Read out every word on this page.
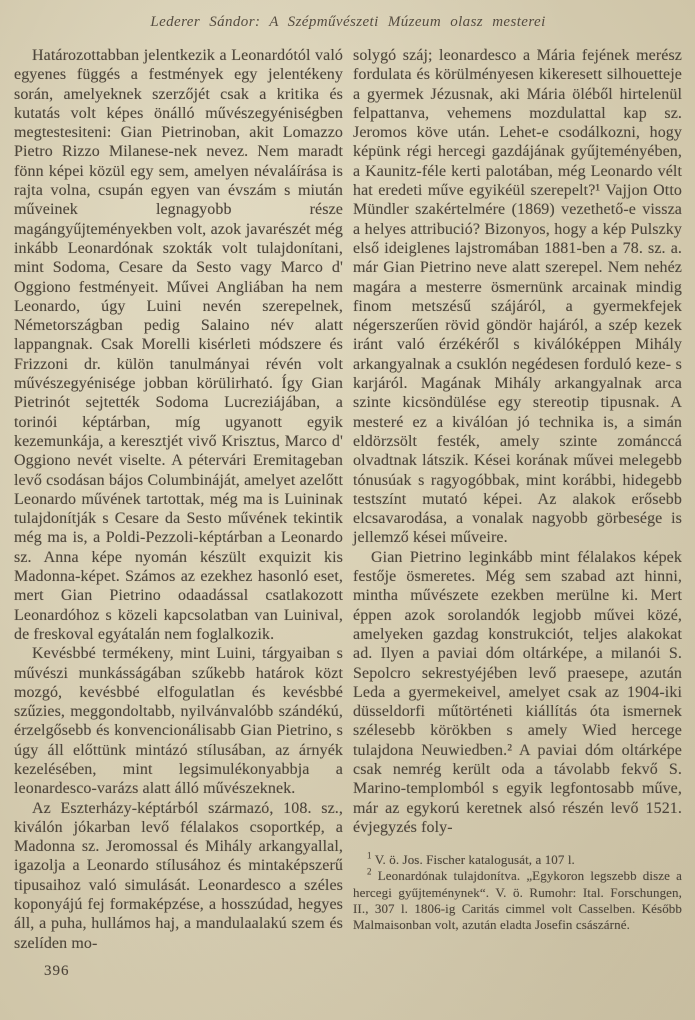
Lederer Sándor: A Szépművészeti Múzeum olasz mesterei

Határozottabban jelentkezik a Leonardótól való egyenes függés a festmények egy jelentékeny során, amelyeknek szerzőjét csak a kritika és kutatás volt képes önálló művészegyéniségben megtestesiteni: Gian Pietrinoban, akit Lomazzo Pietro Rizzo Milanese-nek nevez. Nem maradt fönn képei közül egy sem, amelyen névaláírása is rajta volna, csupán egyen van évszám s miután műveinek legnagyobb része magángyűjteményekben volt, azok javarészét még inkább Leonardónak szokták volt tulajdonítani, mint Sodoma, Cesare da Sesto vagy Marco d' Oggiono festményeit. Művei Angliában ha nem Leonardo, úgy Luini nevén szerepelnek, Németországban pedig Salaino név alatt lappangnak. Csak Morelli kisérleti módszere és Frizzoni dr. külön tanulmányai révén volt művészegyénisége jobban körülirható. Így Gian Pietrinót sejtették Sodoma Lucreziájában, a torinói képtárban, míg ugyanott egyik kezemunkája, a keresztjét vivő Krisztus, Marco d' Oggiono nevét viselte. A pétervári Eremitageban levő csodásan bájos Columbináját, amelyet azelőtt Leonardo művének tartottak, még ma is Luininak tulajdonítják s Cesare da Sesto művének tekintik még ma is, a Poldi-Pezzoli-képtárban a Leonardo sz. Anna képe nyomán készült exquizit kis Madonna-képet. Számos az ezekhez hasonló eset, mert Gian Pietrino odaadással csatlakozott Leonardóhoz s közeli kapcsolatban van Luinival, de freskoval egyátalán nem foglalkozik.

Kevésbbé termékeny, mint Luini, tárgyaiban s művészi munkásságában szűkebb határok közt mozgó, kevésbbé elfogulatlan és kevésbbé szűzies, meggondoltabb, nyilvánvalóbb szándékú, érzelgősebb és konvencionálisabb Gian Pietrino, s úgy áll előttünk mintázó stílusában, az árnyék kezelésében, mint legsimulékonyabbja a leonardesco-varázs alatt álló művészeknek.

Az Eszterházy-képtárból származó, 108. sz., kiválón jókarban levő félalakos csoportkép, a Madonna sz. Jeromossal és Mihály arkangyallal, igazolja a Leonardo stílusához és mintaképszerű tipusaihoz való simulását. Leonardesco a széles koponyájú fej formaképzése, a hosszúdad, hegyes áll, a puha, hullámos haj, a mandulaalakú szem és szelíden mo-

396

solygó száj; leonardesco a Mária fejének merész fordulata és körülményesen kikeresett silhouetteje a gyermek Jézusnak, aki Mária öléből hirtelenül felpattanva, vehemens mozdulattal kap sz. Jeromos köve után. Lehet-e csodálkozni, hogy képünk régi hercegi gazdájának gyűjteményében, a Kaunitz-féle kerti palotában, még Leonardo vélt hat eredeti műve egyikéül szerepelt?¹ Vajjon Otto Mündler szakértelmére (1869) vezethető-e vissza a helyes attribució? Bizonyos, hogy a kép Pulszky első ideiglenes lajstromában 1881-ben a 78. sz. a. már Gian Pietrino neve alatt szerepel. Nem nehéz magára a mesterre ösmernünk arcainak mindig finom metszésű szájáról, a gyermekfejek négerszerűen rövid göndör hajáról, a szép kezek iránt való érzékéről s kiválóképpen Mihály arkangyalnak a csuklón negédesen forduló keze- s karjáról. Magának Mihály arkangyalnak arca szinte kicsöndülése egy stereotip tipusnak. A mesteré ez a kiválóan jó technika is, a simán eldörzsölt festék, amely szinte zománccá olvadtnak látszik. Kései korának művei melegebb tónusúak s ragyogóbbak, mint korábbi, hidegebb testszínt mutató képei. Az alakok erősebb elcsavarodása, a vonalak nagyobb görbesége is jellemző kései műveire.

Gian Pietrino leginkább mint félalakos képek festője ösmeretes. Még sem szabad azt hinni, mintha művészete ezekben merülne ki. Mert éppen azok sorolandók legjobb művei közé, amelyeken gazdag konstrukciót, teljes alakokat ad. Ilyen a paviai dóm oltárképe, a milanói S. Sepolcro sekrestyéjében levő praesepe, azután Leda a gyermekeivel, amelyet csak az 1904-iki düsseldorfi műtörténeti kiállítás óta ismernek szélesebb körökben s amely Wied hercege tulajdona Neuwiedben.² A paviai dóm oltárképe csak nemrég került oda a távolabb fekvő S. Marino-templomból s egyik legfontosabb műve, már az egykorú keretnek alsó részén levő 1521. évjegyzés foly-

$^1$ V. ö. Jos. Fischer katalogusát, a 107 l.

$^2$ Leonardónak tulajdonítva. „Egykoron legszebb disze a hercegi gyűjteménynek“. V. ö. Rumohr: Ital. Forschungen, II., 307 l. 1806-ig Caritás cimmel volt Casselben. Később Malmaisonban volt, azután eladta Josefin császárné.
